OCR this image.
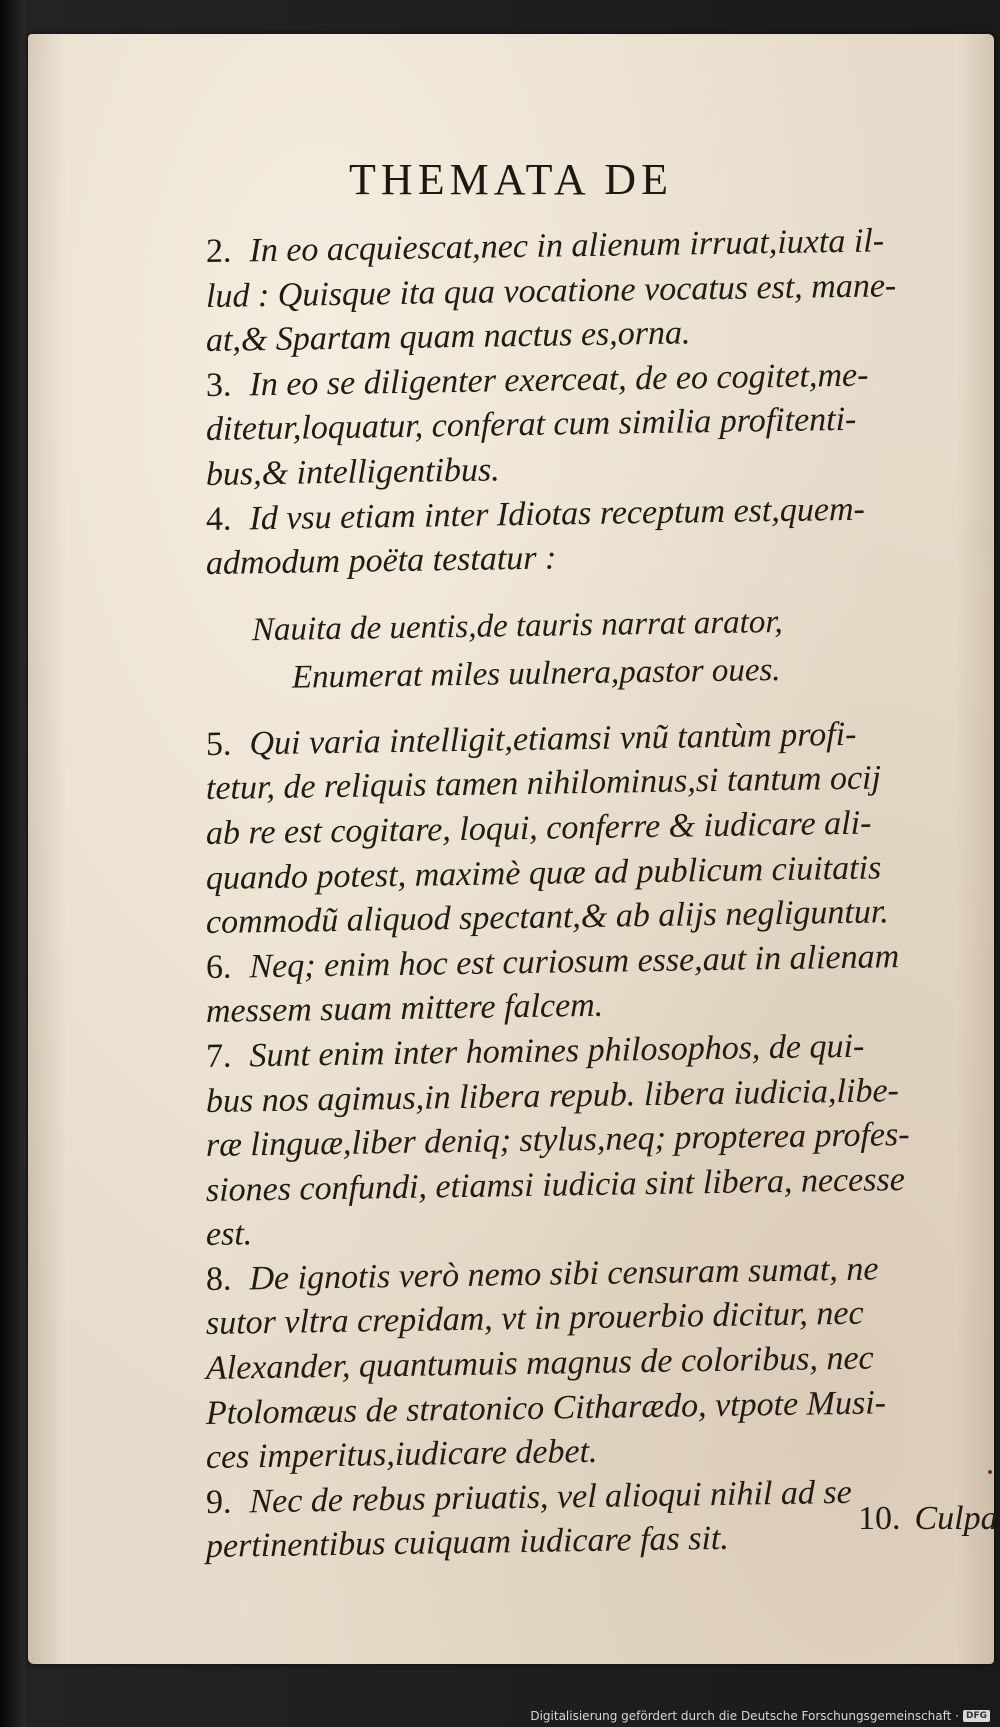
THEMATA DE
2. In eo acquiescat,nec in alienum irruat,iuxta il-
lud : Quisque ita qua vocatione vocatus est, mane-
at,& Spartam quam nactus es,orna.
3. In eo se diligenter exerceat, de eo cogitet,me-
ditetur,loquatur, conferat cum similia profitenti-
bus,& intelligentibus.
4. Id vsu etiam inter Idiotas receptum est,quem-
admodum poëta testatur :
Nauita de uentis,de tauris narrat arator,
Enumerat miles uulnera,pastor oues.
5. Qui varia intelligit,etiamsi vnũ tantùm profi-
tetur, de reliquis tamen nihilominus,si tantum ocij
ab re est cogitare, loqui, conferre & iudicare ali-
quando potest, maximè quæ ad publicum ciuitatis
commodũ aliquod spectant,& ab alijs negliguntur.
6. Neq; enim hoc est curiosum esse,aut in alienam
messem suam mittere falcem.
7. Sunt enim inter homines philosophos, de qui-
bus nos agimus,in libera repub. libera iudicia,libe-
ræ linguæ,liber deniq; stylus,neq; propterea profes-
siones confundi, etiamsi iudicia sint libera, necesse
est.
8. De ignotis verò nemo sibi censuram sumat, ne
sutor vltra crepidam, vt in prouerbio dicitur, nec
Alexander, quantumuis magnus de coloribus, nec
Ptolomæus de stratonico Citharædo, vtpote Musi-
ces imperitus,iudicare debet.
9. Nec de rebus priuatis, vel alioqui nihil ad se
pertinentibus cuiquam iudicare fas sit.
10. Culpa
Digitalisierung gefördert durch die Deutsche Forschungsgemeinschaft · DFG
